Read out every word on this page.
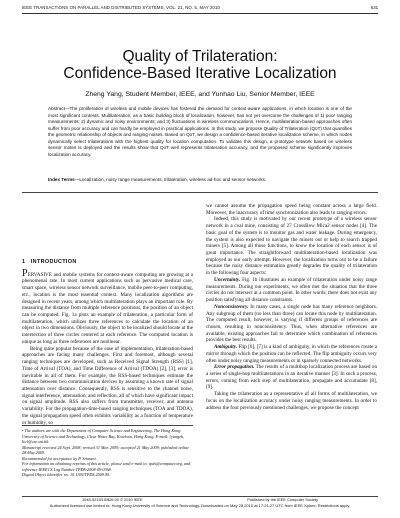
IEEE TRANSACTIONS ON PARALLEL AND DISTRIBUTED SYSTEMS, VOL. 21, NO. 5, MAY 2010	631
Quality of Trilateration:
Confidence-Based Iterative Localization
Zheng Yang, Student Member, IEEE, and Yunhao Liu, Senior Member, IEEE
Abstract—The proliferation of wireless and mobile devices has fostered the demand for context-aware applications, in which location is one of the most significant contexts. Multilateration, as a basic building block of localization, however, has not yet overcome the challenges of 1) poor ranging measurements; 2) dynamic and noisy environments; and 3) fluctuations in wireless communications. Hence, multilateration-based approaches often suffer from poor accuracy and can hardly be employed in practical applications. In this study, we propose Quality of Trilateration (QoT) that quantifies the geometric relationship of objects and ranging noises. Based on QoT, we design a confidence-based iterative localization scheme, in which nodes dynamically select trilaterations with the highest quality for location computation. To validate this design, a prototype network based on wireless sensor motes is deployed and the results show that QoT well represents trilateration accuracy, and the proposed scheme significantly improves localization accuracy.
Index Terms—Localization, noisy range measurements, trilateration, wireless ad-hoc and sensor networks.
1 INTRODUCTION

PERVASIVE and mobile systems for context-aware computing are growing at a phenomenal rate. In most current applications such as pervasive medical care, smart space, wireless sensor network surveillance, mobile peer-to-peer computing, etc., location is the most essential context. Many localization algorithms are designed in recent years, among which multilateration plays an important role. By measuring the distance from multiple reference positions, the position of an object can be computed. Fig. 1a plots an example of trilateration, a particular form of multilateration, which utilizes three references to calculate the location of an object in two dimensions. Obviously, the object to be localized should locate at the intersection of three circles centered at each reference. The computed location is unique as long as three references are nonlinear.

Being quite popular because of the ease of implementation, trilateration-based approaches are facing many challenges. First and foremost, although several ranging techniques are developed, such as Received Signal Strength (RSS) [1], Time of Arrival (TOA), and Time Difference of Arrival (TDOA) [2], [3], error is inevitable in all of them. For example, the RSS-based techniques estimate the distance between two communication devices by assuming a known rate of signal attenuation over distance. Consequently, RSS is sensitive to the channel noise, signal interference, attenuation, and reflection, all of which have significant impact on signal amplitude. RSS also suffers from transmitter, receiver, and antenna variability. For the propagation-time-based ranging techniques (TOA and TDOA), the signal propagation speed often exhibits variability as a function of temperature or humidity, so

we cannot assume the propagation speed being constant across a large field. Moreover, the inaccuracy of time synchronization also leads to ranging errors.

Indeed, this study is motivated by our recent prototype of a wireless sensor network in a coal mine, consisting of 27 CrossBow Mica2 sensor nodes [4]. The basic goal of the system is to monitor gas and water leakage. During emergency, the system is also expected to navigate the miners out or help to search trapped miners [5]. Among all those functions, to know the location of each sensor is of great importance. The straightforward multilateration-based localization was employed as our early attempt. However, the localization turns out to be a failure because the noisy distance estimation greatly degrades the quality of trilateration in the following four aspects:

Uncertainty. Fig. 1b illustrates an example of trilateration under noisy range measurements. During our experiments, we often met the situation that the three circles do not intersect at a common point. In other words, there does not exist any position satisfying all distance constraints.

Nonconsistency. In many cases, a single node has many reference neighbors. Any subgroup of them (no less than three) can locate this node by multilateration. The computed result, however, is varying if different groups of references are chosen, resulting in nonconsistency. Thus, when alternative references are available, existing approaches fail to determine which combination of references provides the best results.

Ambiguity. Flip [6], [7] is a kind of ambiguity, in which the references create a mirror through which the position can be reflected. The flip ambiguity occurs very often under noisy ranging measurements or in sparsely connected networks.

Error propagation. The results of a multihop localization process are based on a series of single-hop multilaterations in an iterative manner [3]. In such a process, errors, coming from each step of multilateration, propagate and accumulate [8], [9].

Taking the trilateration as a representative of all forms of multilateration, we focus on the localization accuracy under noisy ranging measurements. In order to address the four previously mentioned challenges, we propose the concept

• The authors are with the Department of Computer Science and Engineering, The Hong Kong University of Science and Technology, Clear Water Bay, Kowloon, Hong Kong. E-mail: {yangzh, liu}@cse.ust.hk.
Manuscript received 24 Sept. 2008; revised 31 Mar. 2009; accepted 21 May 2009; published online 28 May 2009.
Recommended for acceptance by P. Srimani.
For information on obtaining reprints of this article, please send e-mail to: tpds@computer.org, and reference IEEECS Log Number TPDS-2008-09-0368.
Digital Object Identifier no. 10.1109/TPDS.2009.90.
1045-9219/10/$26.00 © 2010 IEEE	Published by the IEEE Computer Society
Authorized licensed use limited to: Hong Kong University of Science and Technology. Downloaded on May 28,2010 at 17:21:27 UTC from IEEE Xplore. Restrictions apply.
